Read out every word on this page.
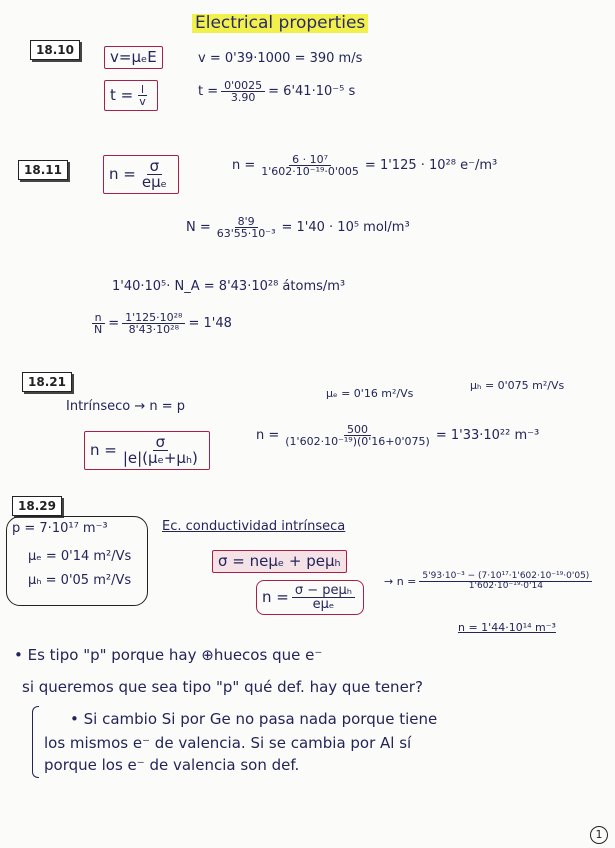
Electrical properties
18.10	v=μₑE
$t = \frac{l}{v}$
v = 0'39·1000 = 390 m/s
$t = \frac{0'0025}{3.90} = 6'41\cdot 10^{-5}$ s
18.11	$n = \frac{\sigma}{\text{eμₑ}}$	$n = \frac{\text{6 · 10⁷}}{\text{1'602·10⁻¹⁹·0'005}} = 1'125 \cdot 10^{28}$ e⁻/m³
$N = \frac{8'9}{\text{63'55·10⁻³}} = 1'40 \cdot 10^5$ mol/m³
1'40·10⁵· N_A = 8'43·10²⁸ átoms/m³
$\frac{n}{N} = \frac{\text{1'125·10²⁸}}{\text{8'43·10²⁸}} = 1'48$
18.21
Intrínseco → n = p
μₑ = 0'16 m²/Vs
μₕ = 0'075 m²/Vs
$n = \frac{\sigma}{\text{|e|(μₑ+μₕ)}}$	$n = \frac{500}{\text{(1'602·10⁻¹⁹)(0'16+0'075)}} = 1'33\cdot 10^{22}$ m⁻³
18.29
p = 7·10¹⁷ m⁻³
μₑ = 0'14 m²/Vs
μₕ = 0'05 m²/Vs
Ec. conductividad intrínseca
σ = neμₑ + peμₕ
$n = \frac{\text{σ − peμₕ}}{\text{eμₑ}}$
→ $n = \frac{\text{5'93·10⁻³ − (7·10¹⁷·1'602·10⁻¹⁹·0'05)}}{\text{1'602·10⁻¹⁹·0'14}}$
n = 1'44·10¹⁴ m⁻³
• Es tipo "p" porque hay ⊕huecos que e⁻
si queremos que sea tipo "p" qué def. hay que tener?
• Si cambio Si por Ge no pasa nada porque tiene
los mismos e⁻ de valencia. Si se cambia por Al sí
porque los e⁻ de valencia son def.
1
